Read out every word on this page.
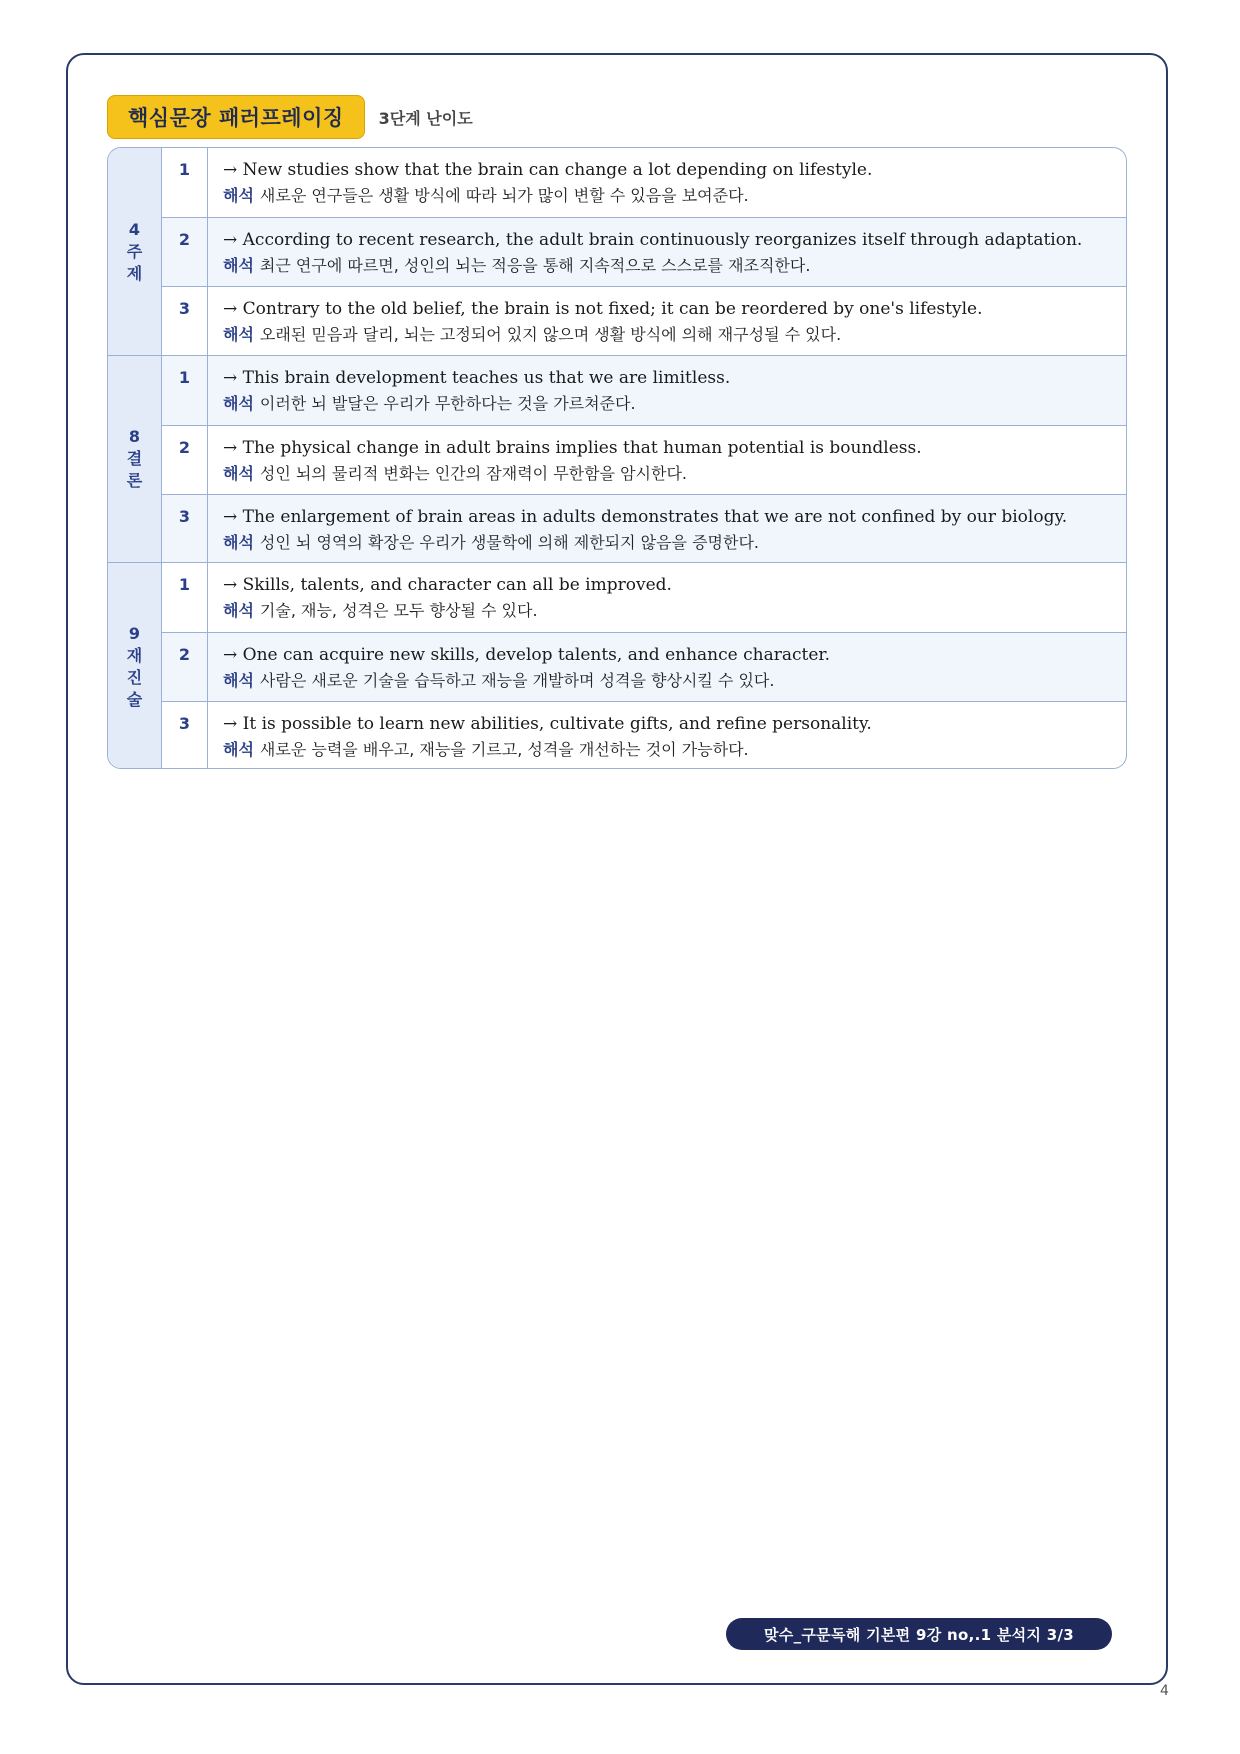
핵심문장 패러프레이징	3단계 난이도
4
주
제
1	→ New studies show that the brain can change a lot depending on lifestyle.
해석 새로운 연구들은 생활 방식에 따라 뇌가 많이 변할 수 있음을 보여준다.
2	→ According to recent research, the adult brain continuously reorganizes itself through adaptation.
해석 최근 연구에 따르면, 성인의 뇌는 적응을 통해 지속적으로 스스로를 재조직한다.
3	→ Contrary to the old belief, the brain is not fixed; it can be reordered by one's lifestyle.
해석 오래된 믿음과 달리, 뇌는 고정되어 있지 않으며 생활 방식에 의해 재구성될 수 있다.
8
결
론
1	→ This brain development teaches us that we are limitless.
해석 이러한 뇌 발달은 우리가 무한하다는 것을 가르쳐준다.
2	→ The physical change in adult brains implies that human potential is boundless.
해석 성인 뇌의 물리적 변화는 인간의 잠재력이 무한함을 암시한다.
3	→ The enlargement of brain areas in adults demonstrates that we are not confined by our biology.
해석 성인 뇌 영역의 확장은 우리가 생물학에 의해 제한되지 않음을 증명한다.
9
재
진
술
1	→ Skills, talents, and character can all be improved.
해석 기술, 재능, 성격은 모두 향상될 수 있다.
2	→ One can acquire new skills, develop talents, and enhance character.
해석 사람은 새로운 기술을 습득하고 재능을 개발하며 성격을 향상시킬 수 있다.
3	→ It is possible to learn new abilities, cultivate gifts, and refine personality.
해석 새로운 능력을 배우고, 재능을 기르고, 성격을 개선하는 것이 가능하다.
맞수_구문독해 기본편 9강 no,.1 분석지 3/3
4
